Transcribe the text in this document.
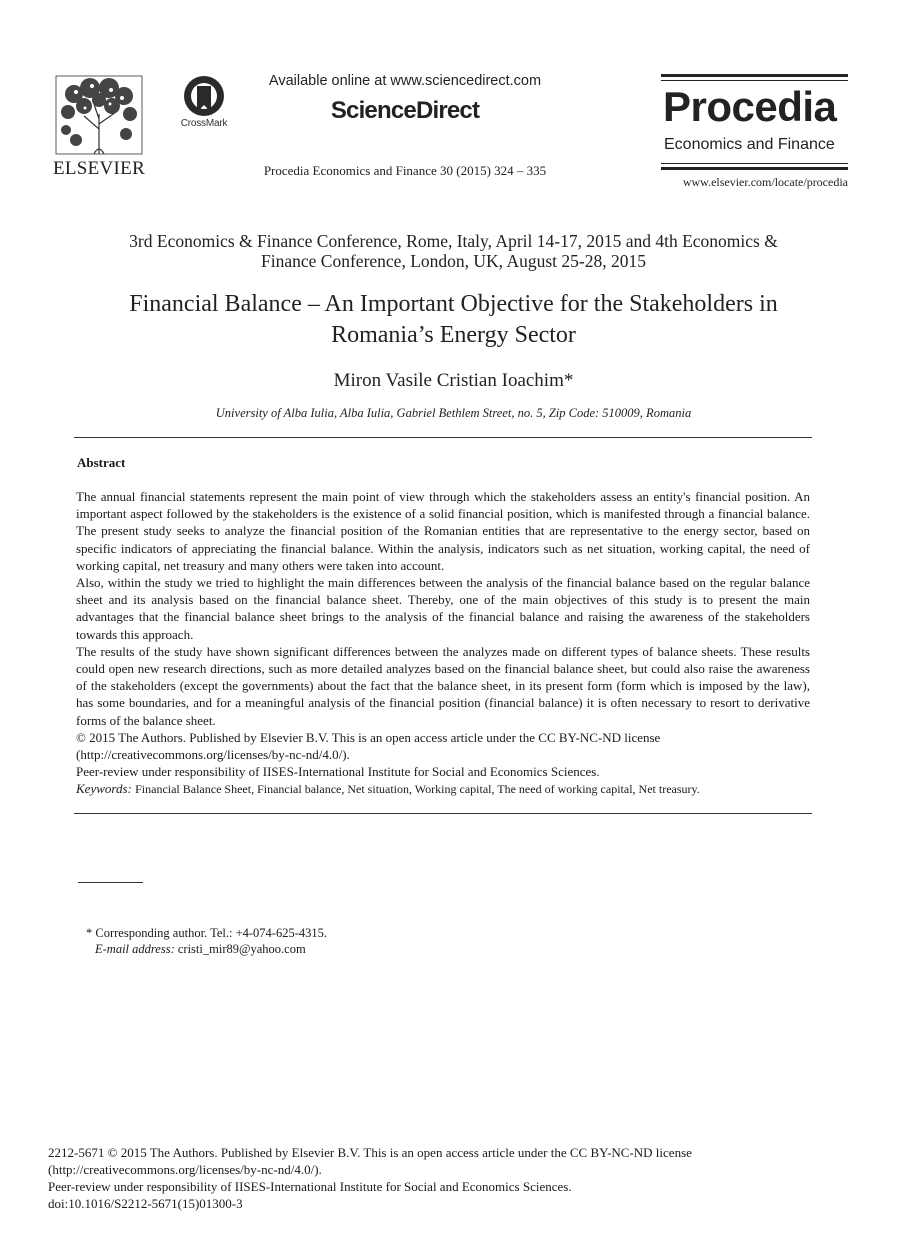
ELSEVIER
CrossMark
Available online at www.sciencedirect.com
ScienceDirect
Procedia Economics and Finance 30 (2015) 324 – 335
Procedia
Economics and Finance
www.elsevier.com/locate/procedia
3rd Economics & Finance Conference, Rome, Italy, April 14-17, 2015 and 4th Economics &
Finance Conference, London, UK, August 25-28, 2015
Financial Balance – An Important Objective for the Stakeholders in
Romania’s Energy Sector
Miron Vasile Cristian Ioachim*
University of Alba Iulia, Alba Iulia, Gabriel Bethlem Street, no. 5, Zip Code: 510009, Romania
Abstract

The annual financial statements represent the main point of view through which the stakeholders assess an entity's financial position. An important aspect followed by the stakeholders is the existence of a solid financial position, which is manifested through a financial balance. The present study seeks to analyze the financial position of the Romanian entities that are representative to the energy sector, based on specific indicators of appreciating the financial balance. Within the analysis, indicators such as net situation, working capital, the need of working capital, net treasury and many others were taken into account.

Also, within the study we tried to highlight the main differences between the analysis of the financial balance based on the regular balance sheet and its analysis based on the financial balance sheet. Thereby, one of the main objectives of this study is to present the main advantages that the financial balance sheet brings to the analysis of the financial balance and raising the awareness of the stakeholders towards this approach.

The results of the study have shown significant differences between the analyzes made on different types of balance sheets. These results could open new research directions, such as more detailed analyzes based on the financial balance sheet, but could also raise the awareness of the stakeholders (except the governments) about the fact that the balance sheet, in its present form (form which is imposed by the law), has some boundaries, and for a meaningful analysis of the financial position (financial balance) it is often necessary to resort to derivative forms of the balance sheet.

© 2015 The Authors. Published by Elsevier B.V. This is an open access article under the CC BY-NC-ND license

(http://creativecommons.org/licenses/by-nc-nd/4.0/).

Peer-review under responsibility of IISES-International Institute for Social and Economics Sciences.

Keywords: Financial Balance Sheet, Financial balance, Net situation, Working capital, The need of working capital, Net treasury.

* Corresponding author. Tel.: +4-074-625-4315.
E-mail address: cristi_mir89@yahoo.com

2212-5671 © 2015 The Authors. Published by Elsevier B.V. This is an open access article under the CC BY-NC-ND license

(http://creativecommons.org/licenses/by-nc-nd/4.0/).

Peer-review under responsibility of IISES-International Institute for Social and Economics Sciences.

doi:10.1016/S2212-5671(15)01300-3
